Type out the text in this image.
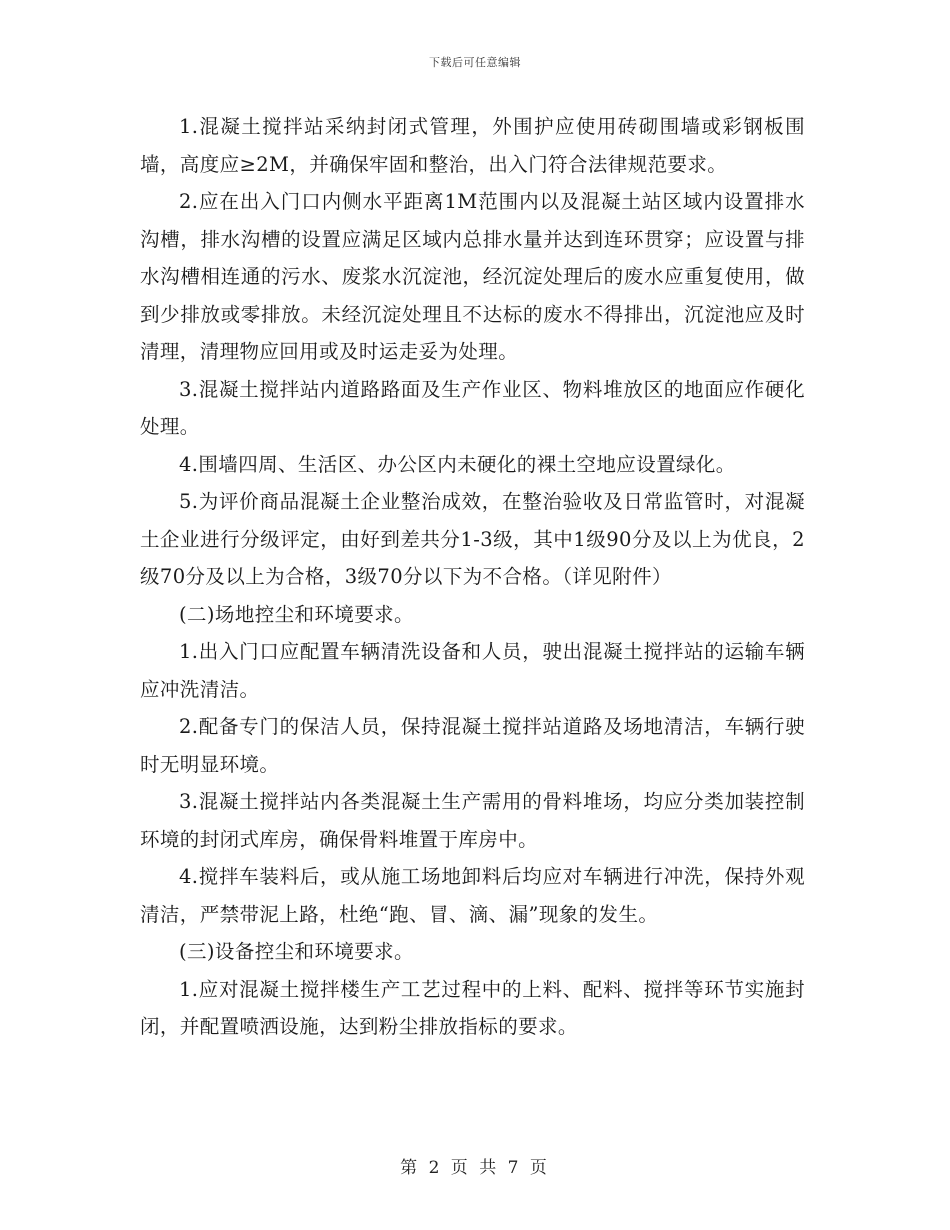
下载后可任意编辑

1.混凝土搅拌站采纳封闭式管理，外围护应使用砖砌围墙或彩钢板围墙，高度应≥2M，并确保牢固和整治，出入门符合法律规范要求。

2.应在出入门口内侧水平距离1M范围内以及混凝土站区域内设置排水沟槽，排水沟槽的设置应满足区域内总排水量并达到连环贯穿；应设置与排水沟槽相连通的污水、废浆水沉淀池，经沉淀处理后的废水应重复使用，做到少排放或零排放。未经沉淀处理且不达标的废水不得排出，沉淀池应及时清理，清理物应回用或及时运走妥为处理。

3.混凝土搅拌站内道路路面及生产作业区、物料堆放区的地面应作硬化处理。

4.围墙四周、生活区、办公区内未硬化的裸土空地应设置绿化。

5.为评价商品混凝土企业整治成效，在整治验收及日常监管时，对混凝土企业进行分级评定，由好到差共分1-3级，其中1级90分及以上为优良，2级70分及以上为合格，3级70分以下为不合格。（详见附件）

(二)场地控尘和环境要求。

1.出入门口应配置车辆清洗设备和人员，驶出混凝土搅拌站的运输车辆应冲洗清洁。

2.配备专门的保洁人员，保持混凝土搅拌站道路及场地清洁，车辆行驶时无明显环境。

3.混凝土搅拌站内各类混凝土生产需用的骨料堆场，均应分类加装控制环境的封闭式库房，确保骨料堆置于库房中。

4.搅拌车装料后，或从施工场地卸料后均应对车辆进行冲洗，保持外观清洁，严禁带泥上路，杜绝“跑、冒、滴、漏”现象的发生。

(三)设备控尘和环境要求。

1.应对混凝土搅拌楼生产工艺过程中的上料、配料、搅拌等环节实施封闭，并配置喷洒设施，达到粉尘排放指标的要求。

第 2 页 共 7 页
